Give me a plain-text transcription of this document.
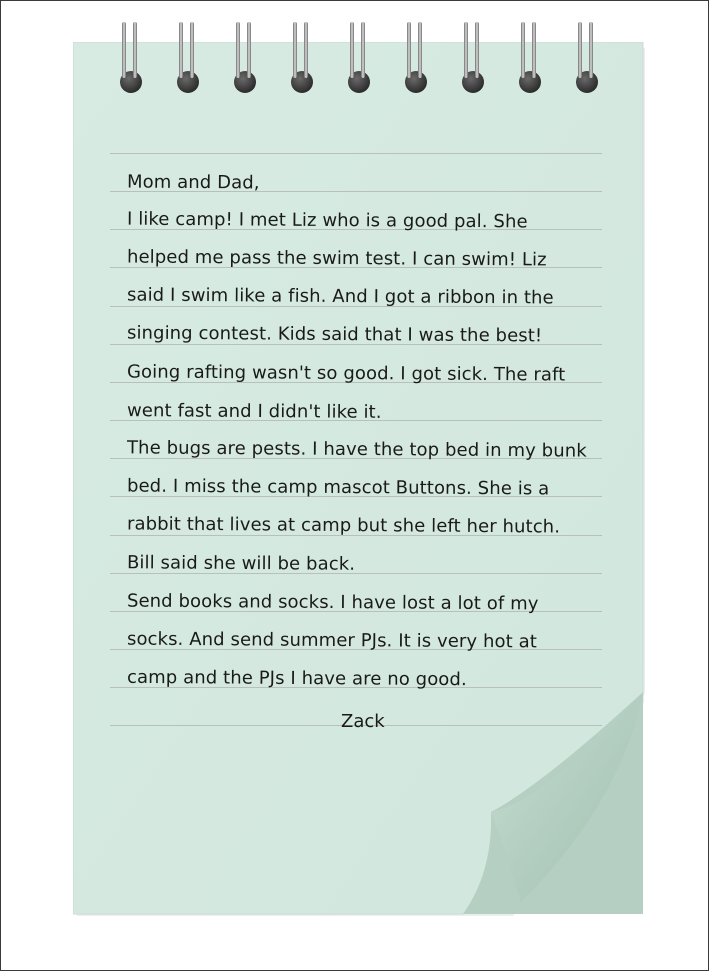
Mom and Dad,
I like camp! I met Liz who is a good pal. She
helped me pass the swim test. I can swim! Liz
said I swim like a fish. And I got a ribbon in the
singing contest. Kids said that I was the best!
Going rafting wasn't so good. I got sick. The raft
went fast and I didn't like it.
The bugs are pests. I have the top bed in my bunk
bed. I miss the camp mascot Buttons. She is a
rabbit that lives at camp but she left her hutch.
Bill said she will be back.
Send books and socks. I have lost a lot of my
socks. And send summer PJs. It is very hot at
camp and the PJs I have are no good.
Zack
